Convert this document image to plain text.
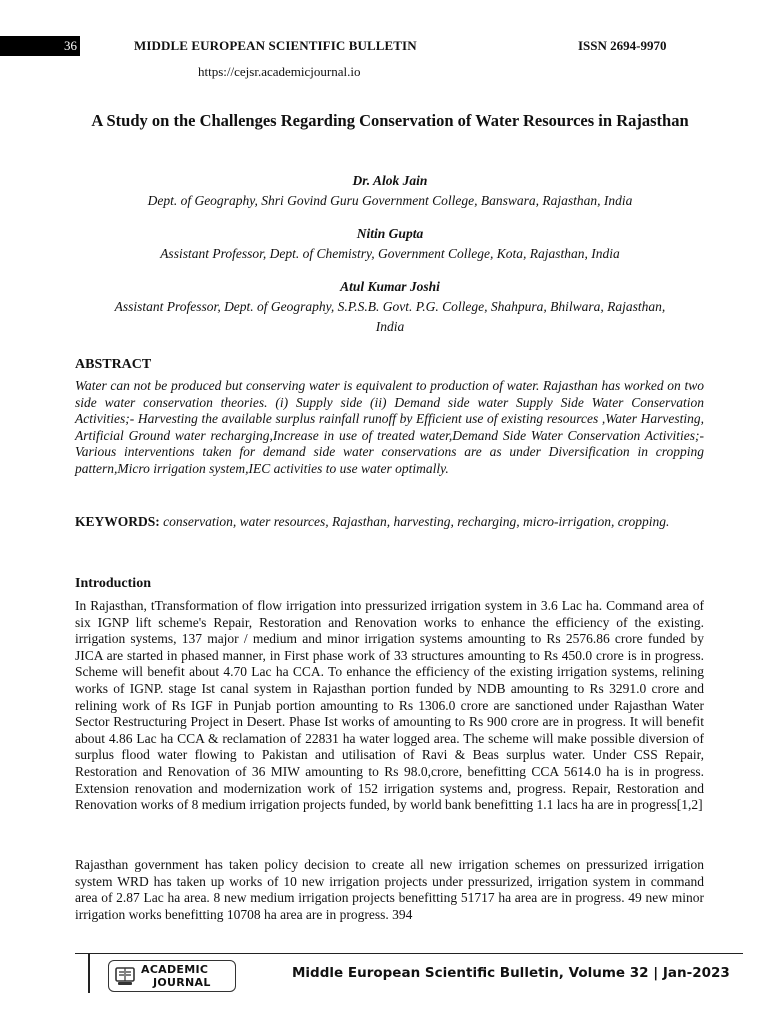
36	MIDDLE EUROPEAN SCIENTIFIC BULLETIN	ISSN 2694-9970
https://cejsr.academicjournal.io
A Study on the Challenges Regarding Conservation of Water Resources in Rajasthan
Dr. Alok Jain
Dept. of Geography, Shri Govind Guru Government College, Banswara, Rajasthan, India
Nitin Gupta
Assistant Professor, Dept. of Chemistry, Government College, Kota, Rajasthan, India
Atul Kumar Joshi
Assistant Professor, Dept. of Geography, S.P.S.B. Govt. P.G. College, Shahpura, Bhilwara, Rajasthan, India
ABSTRACT

Water can not be produced but conserving water is equivalent to production of water. Rajasthan has worked on two side water conservation theories. (i) Supply side (ii) Demand side water Supply Side Water Conservation Activities;- Harvesting the available surplus rainfall runoff by Efficient use of existing resources ,Water Harvesting, Artificial Ground water recharging,Increase in use of treated water,Demand Side Water Conservation Activities;- Various interventions taken for demand side water conservations are as under Diversification in cropping pattern,Micro irrigation system,IEC activities to use water optimally.

KEYWORDS: conservation, water resources, Rajasthan, harvesting, recharging, micro-irrigation, cropping.

Introduction

In Rajasthan, tTransformation of flow irrigation into pressurized irrigation system in 3.6 Lac ha. Command area of six IGNP lift scheme's Repair, Restoration and Renovation works to enhance the efficiency of the existing. irrigation systems, 137 major / medium and minor irrigation systems amounting to Rs 2576.86 crore funded by JICA are started in phased manner, in First phase work of 33 structures amounting to Rs 450.0 crore is in progress. Scheme will benefit about 4.70 Lac ha CCA. To enhance the efficiency of the existing irrigation systems, relining works of IGNP. stage Ist canal system in Rajasthan portion funded by NDB amounting to Rs 3291.0 crore and relining work of Rs IGF in Punjab portion amounting to Rs 1306.0 crore are sanctioned under Rajasthan Water Sector Restructuring Project in Desert. Phase Ist works of amounting to Rs 900 crore are in progress. It will benefit about 4.86 Lac ha CCA & reclamation of 22831 ha water logged area. The scheme will make possible diversion of surplus flood water flowing to Pakistan and utilisation of Ravi & Beas surplus water. Under CSS Repair, Restoration and Renovation of 36 MIW amounting to Rs 98.0,crore, benefitting CCA 5614.0 ha is in progress. Extension renovation and modernization work of 152 irrigation systems and, progress. Repair, Restoration and Renovation works of 8 medium irrigation projects funded, by world bank benefitting 1.1 lacs ha are in progress[1,2]

Rajasthan government has taken policy decision to create all new irrigation schemes on pressurized irrigation system WRD has taken up works of 10 new irrigation projects under pressurized, irrigation system in command area of 2.87 Lac ha area. 8 new medium irrigation projects benefitting 51717 ha area are in progress. 49 new minor irrigation works benefitting 10708 ha area are in progress. 394

ACADEMIC
JOURNAL
Middle European Scientific Bulletin, Volume 32 | Jan-2023
